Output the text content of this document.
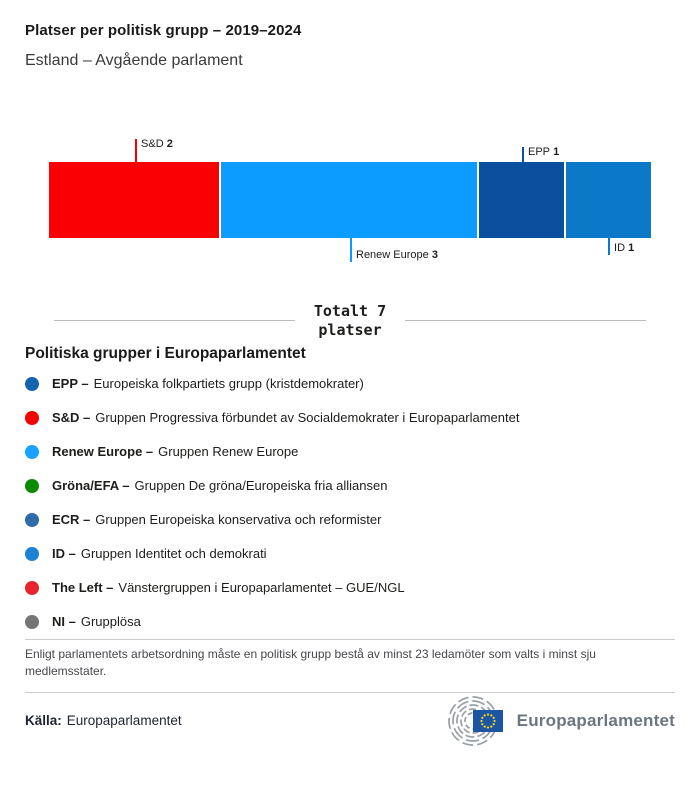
Platser per politisk grupp – 2019–2024
Estland – Avgående parlament
S&D 2
EPP 1
Renew Europe 3
ID 1
Totalt 7
platser
Politiska grupper i Europaparlamentet
EPP – Europeiska folkpartiets grupp (kristdemokrater)
S&D – Gruppen Progressiva förbundet av Socialdemokrater i Europaparlamentet
Renew Europe – Gruppen Renew Europe
Gröna/EFA – Gruppen De gröna/Europeiska fria alliansen
ECR – Gruppen Europeiska konservativa och reformister
ID – Gruppen Identitet och demokrati
The Left – Vänstergruppen i Europaparlamentet – GUE/NGL
NI – Grupplösa

Enligt parlamentets arbetsordning måste en politisk grupp bestå av minst 23 ledamöter som valts i minst sju medlemsstater.

Källa: Europaparlamentet	Europaparlamentet
